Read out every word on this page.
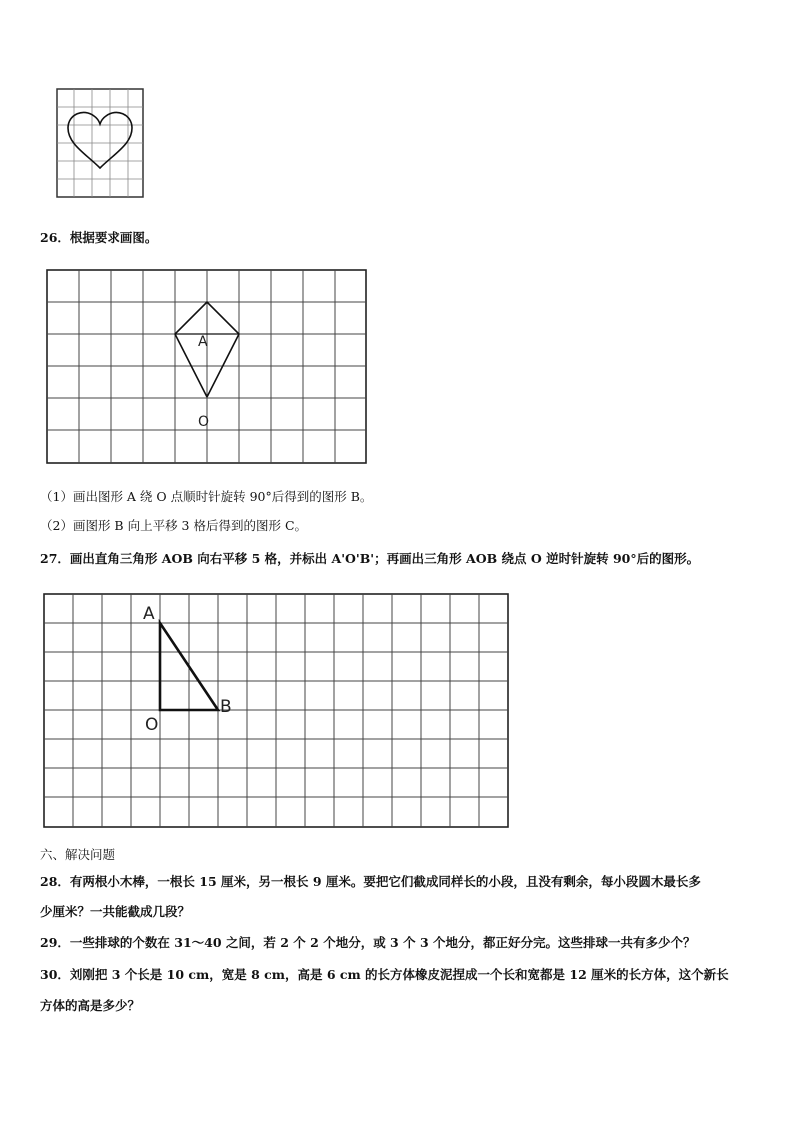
26．根据要求画图。
A
O
（1）画出图形 A 绕 O 点顺时针旋转 90°后得到的图形 B。
（2）画图形 B 向上平移 3 格后得到的图形 C。
27．画出直角三角形 AOB 向右平移 5 格，并标出 A'O'B'；再画出三角形 AOB 绕点 O 逆时针旋转 90°后的图形。
A
O
B
六、解决问题
28．有两根小木棒，一根长 15 厘米，另一根长 9 厘米。要把它们截成同样长的小段，且没有剩余，每小段圆木最长多
少厘米？一共能截成几段？
29．一些排球的个数在 31～40 之间，若 2 个 2 个地分，或 3 个 3 个地分，都正好分完。这些排球一共有多少个？
30．刘刚把 3 个长是 10 cm，宽是 8 cm，高是 6 cm 的长方体橡皮泥捏成一个长和宽都是 12 厘米的长方体，这个新长
方体的高是多少？
